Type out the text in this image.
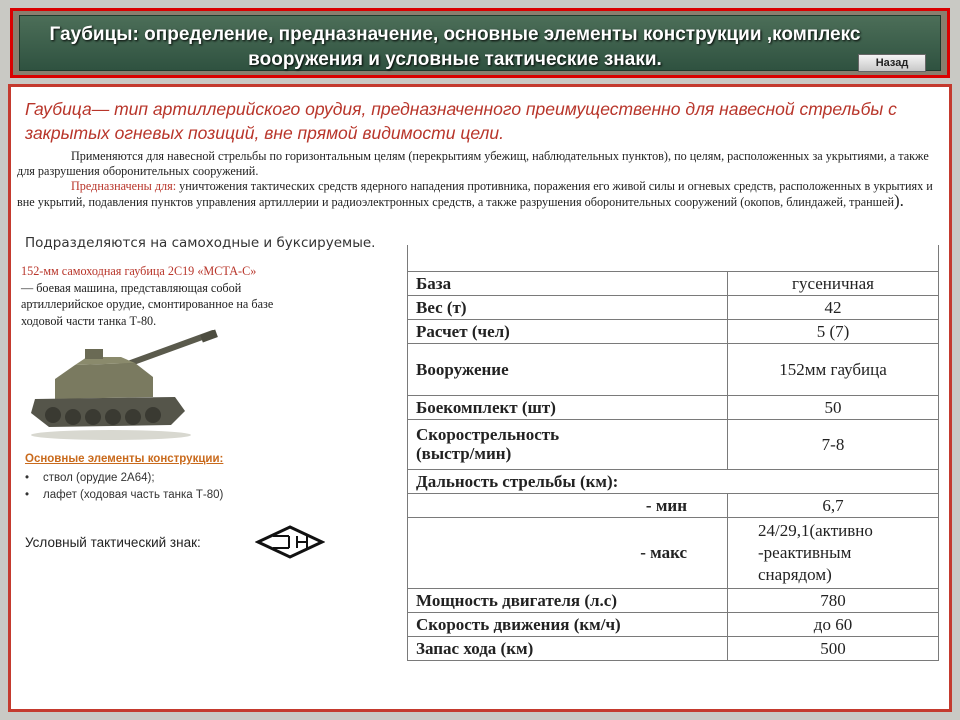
Гаубицы: определение, предназначение, основные элементы конструкции ,комплекс вооружения и условные тактические знаки.	Назад
Гаубица— тип артиллерийского орудия, предназначенного преимущественно для навесной стрельбы с закрытых огневых позиций, вне прямой видимости цели.
Применяются для навесной стрельбы по горизонтальным целям (перекрытиям убежищ, наблюдательных пунктов), по целям, расположенных за укрытиями, а также для разрушения оборонительных сооружений.
Предназначены для: уничтожения тактических средств ядерного нападения противника, поражения его живой силы и огневых средств, расположенных в укрытиях и вне укрытий, подавления пунктов управления артиллерии и радиоэлектронных средств, а также разрушения оборонительных сооружений (окопов, блиндажей, траншей).
Подразделяются на самоходные и буксируемые.
152-мм самоходная гаубица 2С19 «МСТА-С»
— боевая машина, представляющая собой артиллерийское орудие, смонтированное на базе ходовой части танка Т-80.
Основные элементы конструкции:
• ствол (орудие 2А64);
• лафет (ходовая часть танка Т-80)
Условный тактический знак:

База	гусеничная
Вес (т)	42
Расчет (чел)	5 (7)
Вооружение	152мм гаубица
Боекомплект (шт)	50
Скорострельность
(выстр/мин)	7-8
Дальность стрельбы (км):	
- мин	6,7
- макс	24/29,1(активно
-реактивным
снарядом)
Мощность двигателя (л.с)	780
Скорость движения (км/ч)	до 60
Запас хода (км)	500
